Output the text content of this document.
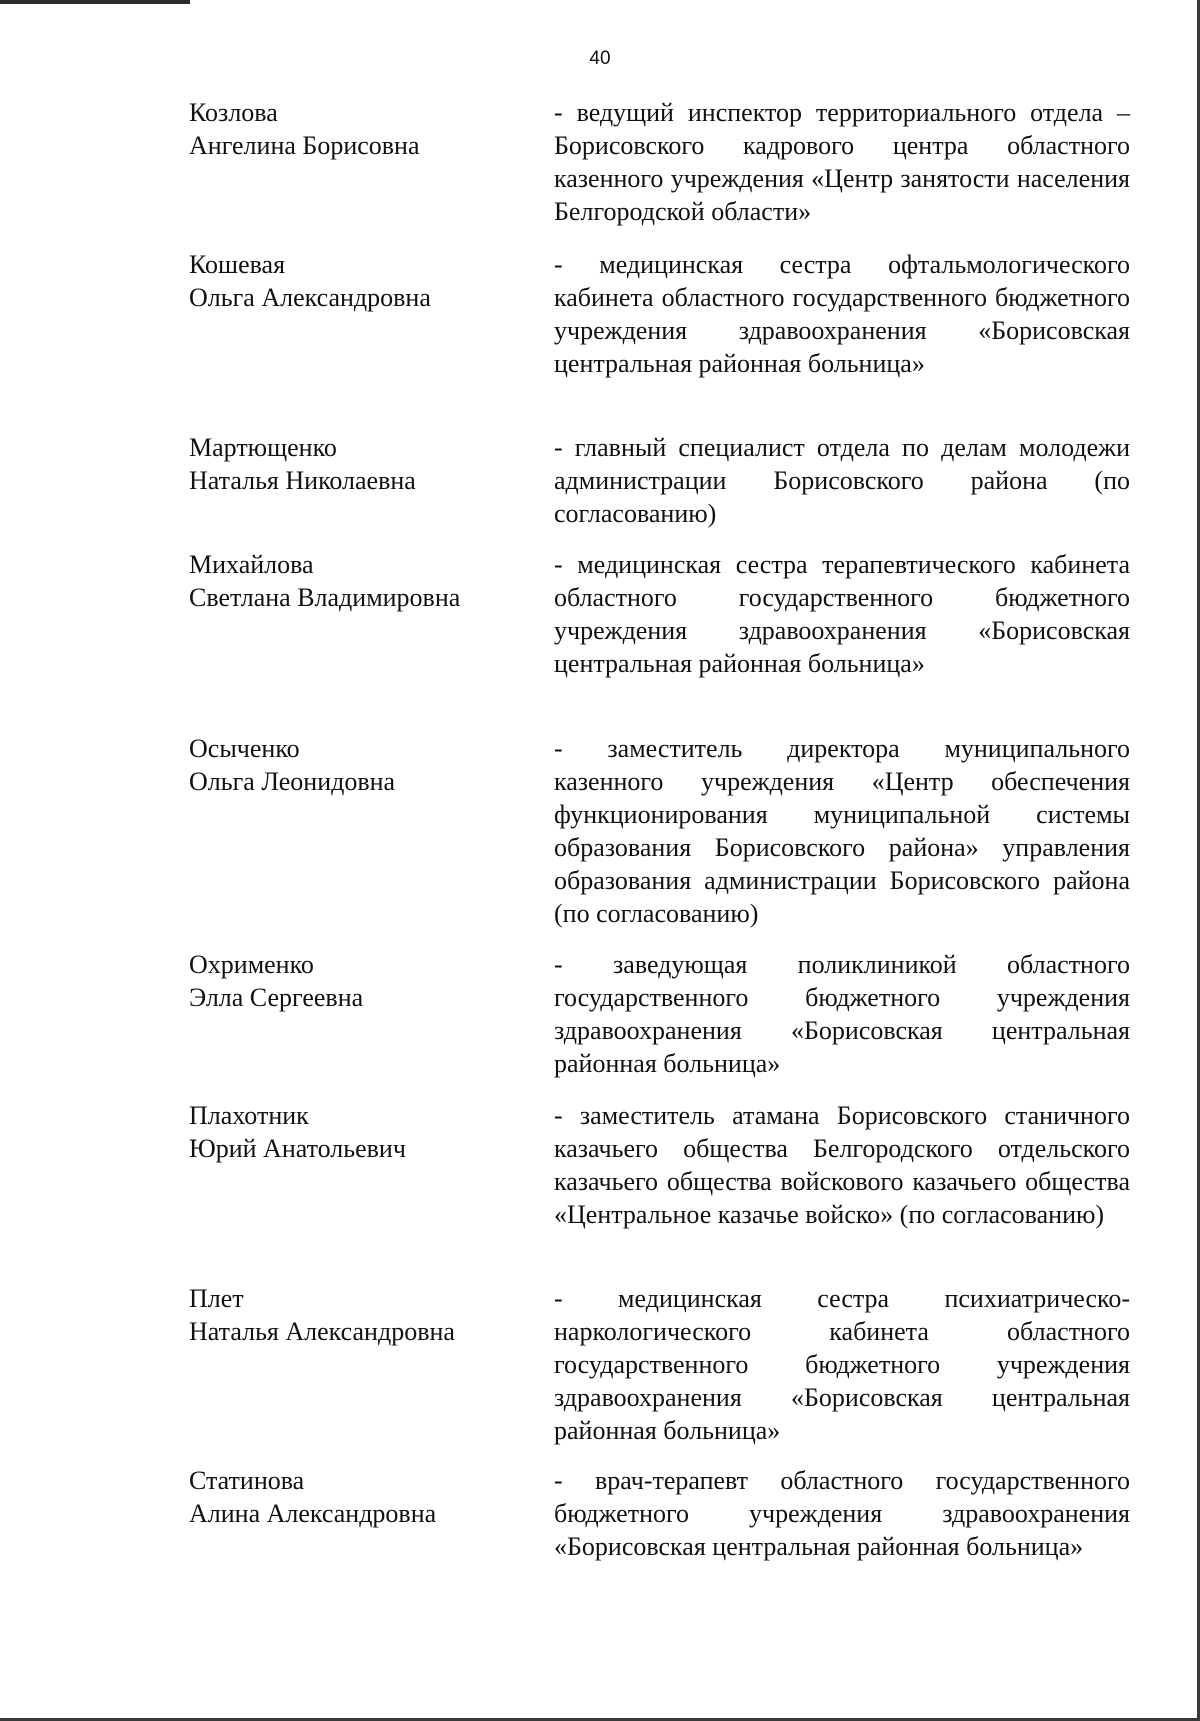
40
Козлова
Ангелина Борисовна
- ведущий инспектор территориального отдела – Борисовского кадрового центра областного казенного учреждения «Центр занятости населения Белгородской области»
Кошевая
Ольга Александровна
- медицинская сестра офтальмологического кабинета областного государственного бюджетного учреждения здравоохранения «Борисовская центральная районная больница»
Мартющенко
Наталья Николаевна
- главный специалист отдела по делам молодежи администрации Борисовского района (по согласованию)
Михайлова
Светлана Владимировна
- медицинская сестра терапевтического кабинета областного государственного бюджетного учреждения здравоохранения «Борисовская центральная районная больница»
Осыченко
Ольга Леонидовна
- заместитель директора муниципального казенного учреждения «Центр обеспечения функционирования муниципальной системы образования Борисовского района» управления образования администрации Борисовского района (по согласованию)
Охрименко
Элла Сергеевна
- заведующая поликлиникой областного государственного бюджетного учреждения здравоохранения «Борисовская центральная районная больница»
Плахотник
Юрий Анатольевич
- заместитель атамана Борисовского станичного казачьего общества Белгородского отдельского казачьего общества войскового казачьего общества «Центральное казачье войско» (по согласованию)
Плет
Наталья Александровна
- медицинская сестра психиатрическо-наркологического кабинета областного государственного бюджетного учреждения здравоохранения «Борисовская центральная районная больница»
Статинова
Алина Александровна
- врач-терапевт областного государственного бюджетного учреждения здравоохранения «Борисовская центральная районная больница»
